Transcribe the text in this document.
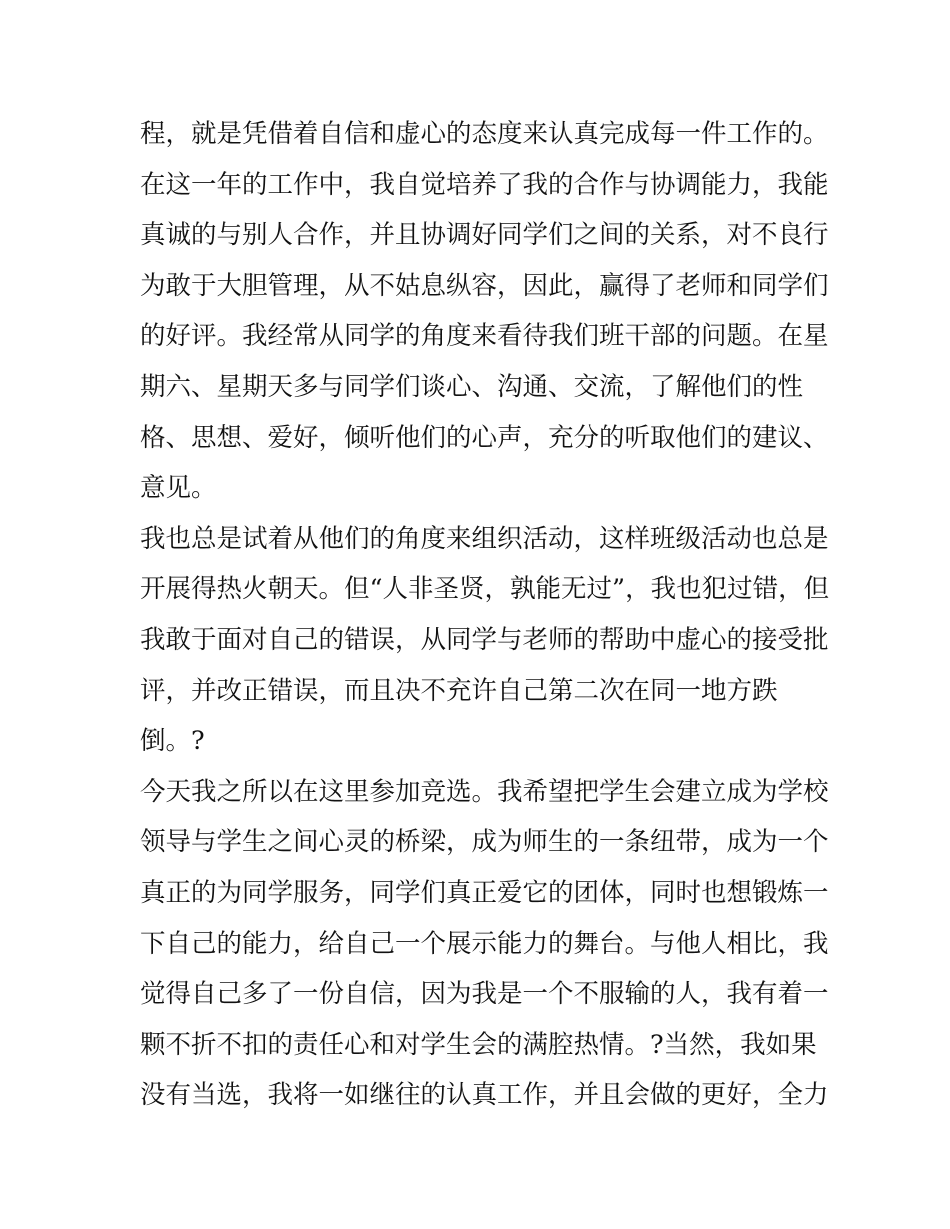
程，就是凭借着自信和虚心的态度来认真完成每一件工作的。
在这一年的工作中，我自觉培养了我的合作与协调能力，我能
真诚的与别人合作，并且协调好同学们之间的关系，对不良行
为敢于大胆管理，从不姑息纵容，因此，赢得了老师和同学们
的好评。我经常从同学的角度来看待我们班干部的问题。在星
期六、星期天多与同学们谈心、沟通、交流，了解他们的性
格、思想、爱好，倾听他们的心声，充分的听取他们的建议、
意见。
我也总是试着从他们的角度来组织活动，这样班级活动也总是
开展得热火朝天。但“人非圣贤，孰能无过”，我也犯过错，但
我敢于面对自己的错误，从同学与老师的帮助中虚心的接受批
评，并改正错误，而且决不充许自己第二次在同一地方跌
倒。?
今天我之所以在这里参加竞选。我希望把学生会建立成为学校
领导与学生之间心灵的桥梁，成为师生的一条纽带，成为一个
真正的为同学服务，同学们真正爱它的团体，同时也想锻炼一
下自己的能力，给自己一个展示能力的舞台。与他人相比，我
觉得自己多了一份自信，因为我是一个不服输的人，我有着一
颗不折不扣的责任心和对学生会的满腔热情。?当然，我如果
没有当选，我将一如继往的认真工作，并且会做的更好，全力
